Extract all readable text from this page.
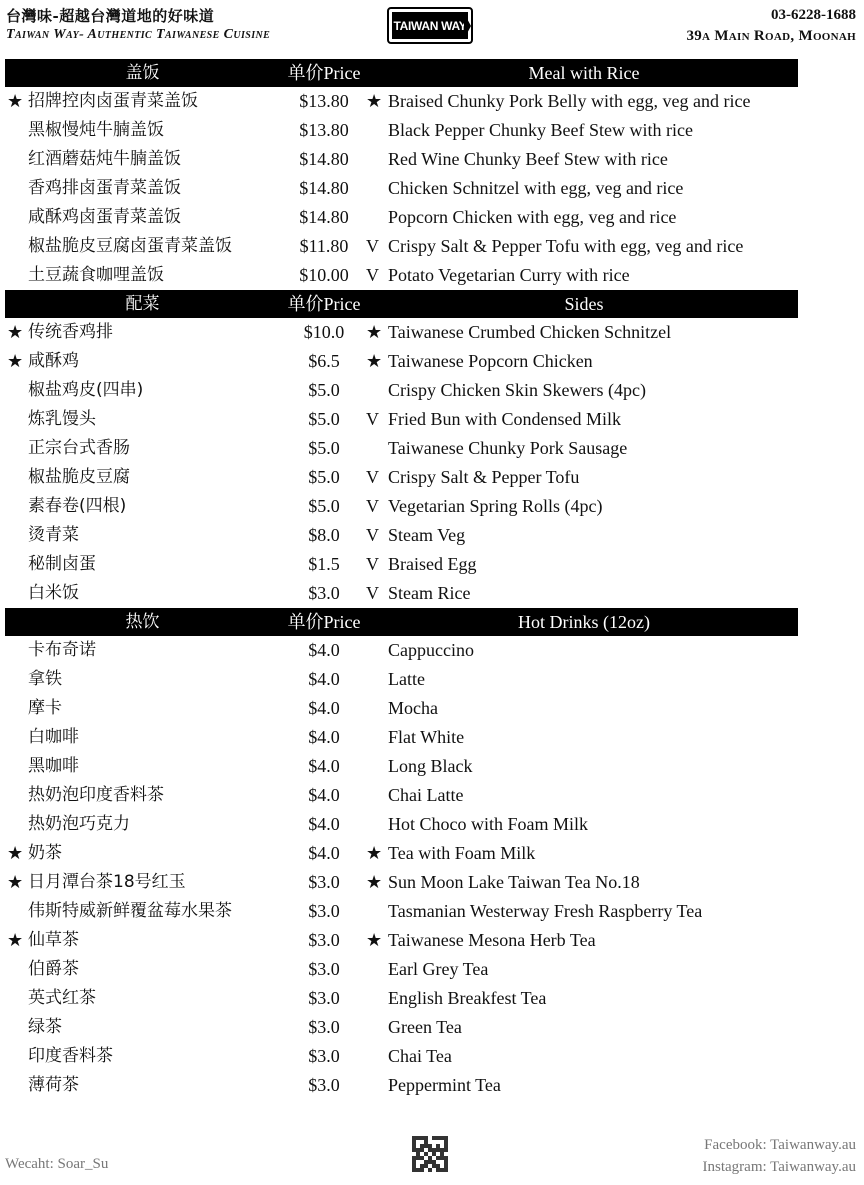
台灣味-超越台灣道地的好味道
Taiwan Way- Authentic Taiwanese Cuisine
TAIWAN WAY
03-6228-1688
39a Main Road, Moonah
盖饭	单价Price	Meal with Rice
★ 招牌控肉卤蛋青菜盖饭	$13.80 ★ Braised Chunky Pork Belly with egg, veg and rice
黑椒慢炖牛腩盖饭	$13.80	Black Pepper Chunky Beef Stew with rice
红酒蘑菇炖牛腩盖饭	$14.80	Red Wine Chunky Beef Stew with rice
香鸡排卤蛋青菜盖饭	$14.80	Chicken Schnitzel with egg, veg and rice
咸酥鸡卤蛋青菜盖饭	$14.80	Popcorn Chicken with egg, veg and rice
椒盐脆皮豆腐卤蛋青菜盖饭	$11.80 V Crispy Salt & Pepper Tofu with egg, veg and rice
土豆蔬食咖哩盖饭	$10.00 V Potato Vegetarian Curry with rice
配菜	单价Price	Sides
★ 传统香鸡排	$10.0	★ Taiwanese Crumbed Chicken Schnitzel
★ 咸酥鸡	$6.5	★ Taiwanese Popcorn Chicken
椒盐鸡皮(四串)	$5.0	Crispy Chicken Skin Skewers (4pc)
炼乳馒头	$5.0	V Fried Bun with Condensed Milk
正宗台式香肠	$5.0	Taiwanese Chunky Pork Sausage
椒盐脆皮豆腐	$5.0	V Crispy Salt & Pepper Tofu
素春卷(四根)	$5.0	V Vegetarian Spring Rolls (4pc)
烫青菜	$8.0	V Steam Veg
秘制卤蛋	$1.5	V Braised Egg
白米饭	$3.0	V Steam Rice
热饮	单价Price	Hot Drinks (12oz)
卡布奇诺	$4.0	Cappuccino
拿铁	$4.0	Latte
摩卡	$4.0	Mocha
白咖啡	$4.0	Flat White
黑咖啡	$4.0	Long Black
热奶泡印度香料茶	$4.0	Chai Latte
热奶泡巧克力	$4.0	Hot Choco with Foam Milk
★ 奶茶	$4.0	★ Tea with Foam Milk
★ 日月潭台茶18号红玉	$3.0	★ Sun Moon Lake Taiwan Tea No.18
伟斯特威新鲜覆盆莓水果茶	$3.0	Tasmanian Westerway Fresh Raspberry Tea
★ 仙草茶	$3.0	★ Taiwanese Mesona Herb Tea
伯爵茶	$3.0	Earl Grey Tea
英式红茶	$3.0	English Breakfest Tea
绿茶	$3.0	Green Tea
印度香料茶	$3.0	Chai Tea
薄荷茶	$3.0	Peppermint Tea
Wecaht: Soar_Su
Facebook: Taiwanway.au
Instagram: Taiwanway.au
